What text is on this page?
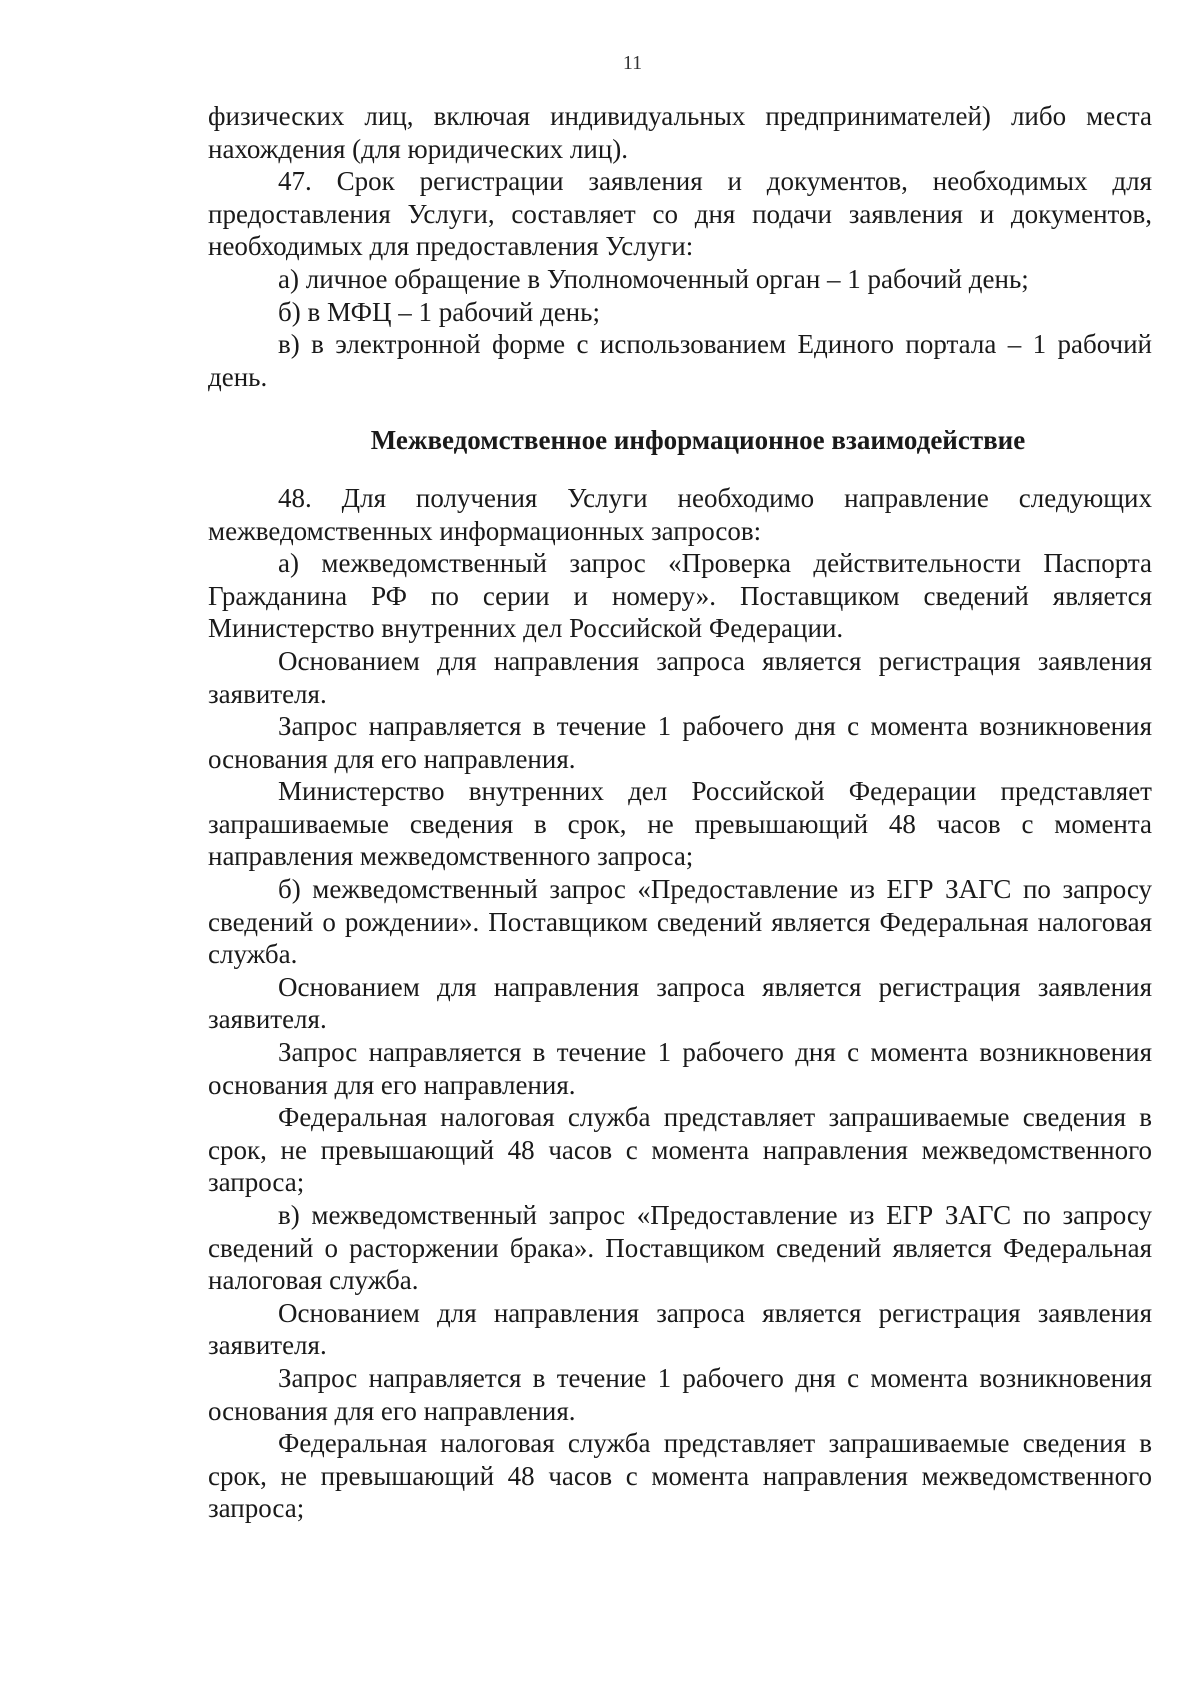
11

физических лиц, включая индивидуальных предпринимателей) либо места нахождения (для юридических лиц).

47. Срок регистрации заявления и документов, необходимых для предоставления Услуги, составляет со дня подачи заявления и документов, необходимых для предоставления Услуги:

а) личное обращение в Уполномоченный орган – 1 рабочий день;

б) в МФЦ – 1 рабочий день;

в) в электронной форме с использованием Единого портала – 1 рабочий день.

Межведомственное информационное взаимодействие

48. Для получения Услуги необходимо направление следующих межведомственных информационных запросов:

а) межведомственный запрос «Проверка действительности Паспорта Гражданина РФ по серии и номеру». Поставщиком сведений является Министерство внутренних дел Российской Федерации.

Основанием для направления запроса является регистрация заявления заявителя.

Запрос направляется в течение 1 рабочего дня с момента возникновения основания для его направления.

Министерство внутренних дел Российской Федерации представляет запрашиваемые сведения в срок, не превышающий 48 часов с момента направления межведомственного запроса;

б) межведомственный запрос «Предоставление из ЕГР ЗАГС по запросу сведений о рождении». Поставщиком сведений является Федеральная налоговая служба.

Основанием для направления запроса является регистрация заявления заявителя.

Запрос направляется в течение 1 рабочего дня с момента возникновения основания для его направления.

Федеральная налоговая служба представляет запрашиваемые сведения в срок, не превышающий 48 часов с момента направления межведомственного запроса;

в) межведомственный запрос «Предоставление из ЕГР ЗАГС по запросу сведений о расторжении брака». Поставщиком сведений является Федеральная налоговая служба.

Основанием для направления запроса является регистрация заявления заявителя.

Запрос направляется в течение 1 рабочего дня с момента возникновения основания для его направления.

Федеральная налоговая служба представляет запрашиваемые сведения в срок, не превышающий 48 часов с момента направления межведомственного запроса;
